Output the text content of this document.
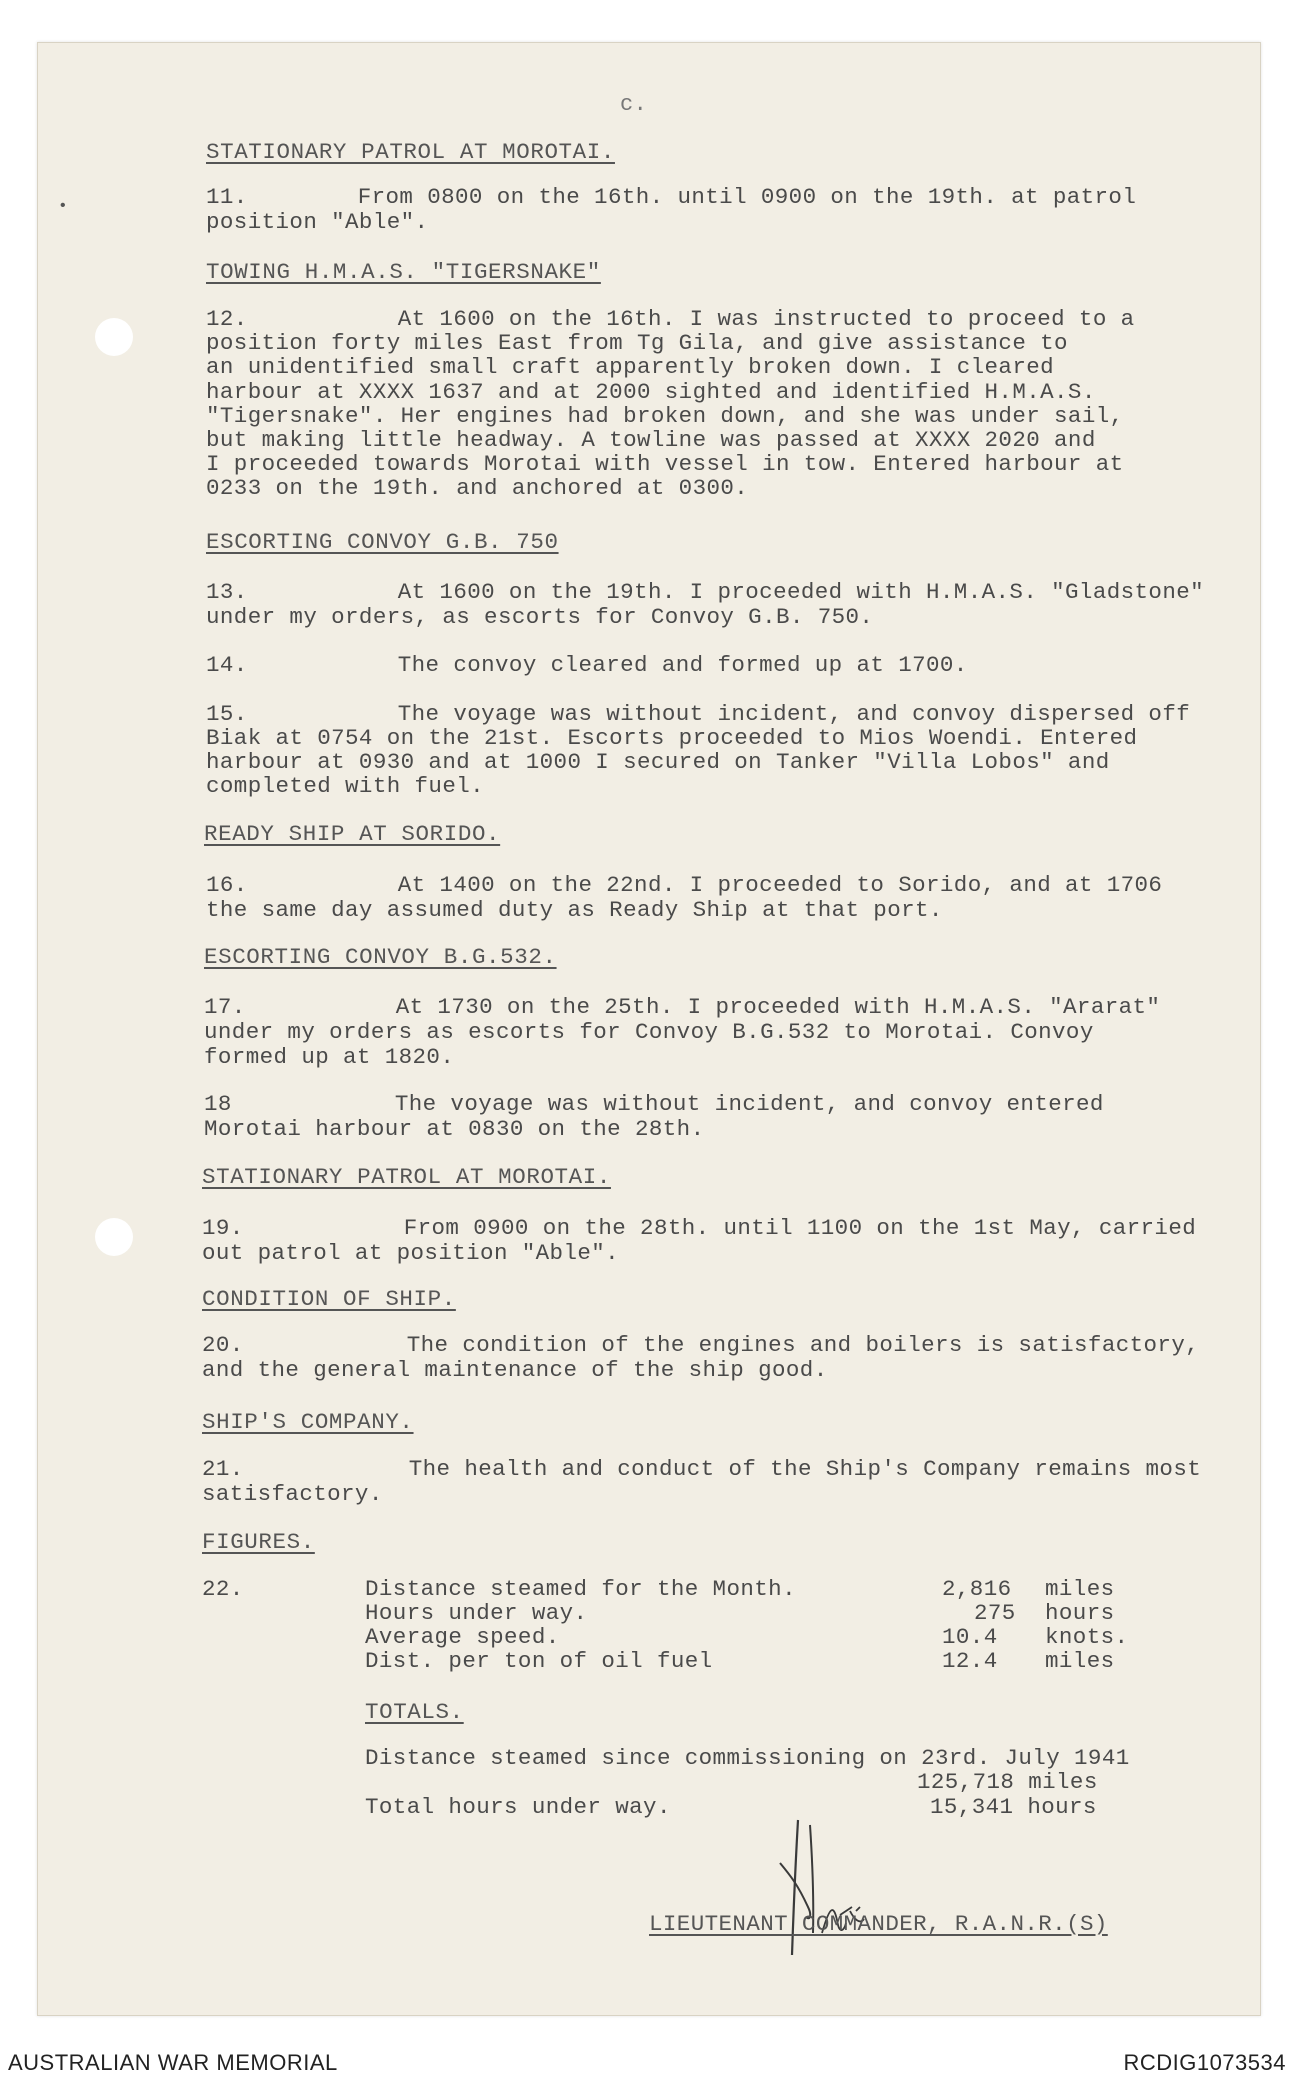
c.
•
STATIONARY PATROL AT MOROTAI.
11.	From 0800 on the 16th. until 0900 on the 19th. at patrol
position "Able".
TOWING H.M.A.S. "TIGERSNAKE"
12.	At 1600 on the 16th. I was instructed to proceed to a
position forty miles East from Tg Gila, and give assistance to
an unidentified small craft apparently broken down. I cleared
harbour at XXXX 1637 and at 2000 sighted and identified H.M.A.S.
"Tigersnake". Her engines had broken down, and she was under sail,
but making little headway. A towline was passed at XXXX 2020 and
I proceeded towards Morotai with vessel in tow. Entered harbour at
0233 on the 19th. and anchored at 0300.
ESCORTING CONVOY G.B. 750
13.	At 1600 on the 19th. I proceeded with H.M.A.S. "Gladstone"
under my orders, as escorts for Convoy G.B. 750.
14.	The convoy cleared and formed up at 1700.
15.	The voyage was without incident, and convoy dispersed off
Biak at 0754 on the 21st. Escorts proceeded to Mios Woendi. Entered
harbour at 0930 and at 1000 I secured on Tanker "Villa Lobos" and
completed with fuel.
READY SHIP AT SORIDO.
16.	At 1400 on the 22nd. I proceeded to Sorido, and at 1706
the same day assumed duty as Ready Ship at that port.
ESCORTING CONVOY B.G.532.
17.	At 1730 on the 25th. I proceeded with H.M.A.S. "Ararat"
under my orders as escorts for Convoy B.G.532 to Morotai. Convoy
formed up at 1820.
18	The voyage was without incident, and convoy entered
Morotai harbour at 0830 on the 28th.
STATIONARY PATROL AT MOROTAI.
19.	From 0900 on the 28th. until 1100 on the 1st May, carried
out patrol at position "Able".
CONDITION OF SHIP.
20.	The condition of the engines and boilers is satisfactory,
and the general maintenance of the ship good.
SHIP'S COMPANY.
21.	The health and conduct of the Ship's Company remains most
satisfactory.
FIGURES.
22.	Distance steamed for the Month.	2,816 miles
Hours under way.	275 hours
Average speed.	10.4 knots.
Dist. per ton of oil fuel	12.4 miles
TOTALS.
Distance steamed since commissioning on 23rd. July 1941
125,718 miles
Total hours under way.	15,341 hours
LIEUTENANT COMMANDER, R.A.N.R.(S)
AUSTRALIAN WAR MEMORIAL	RCDIG1073534
